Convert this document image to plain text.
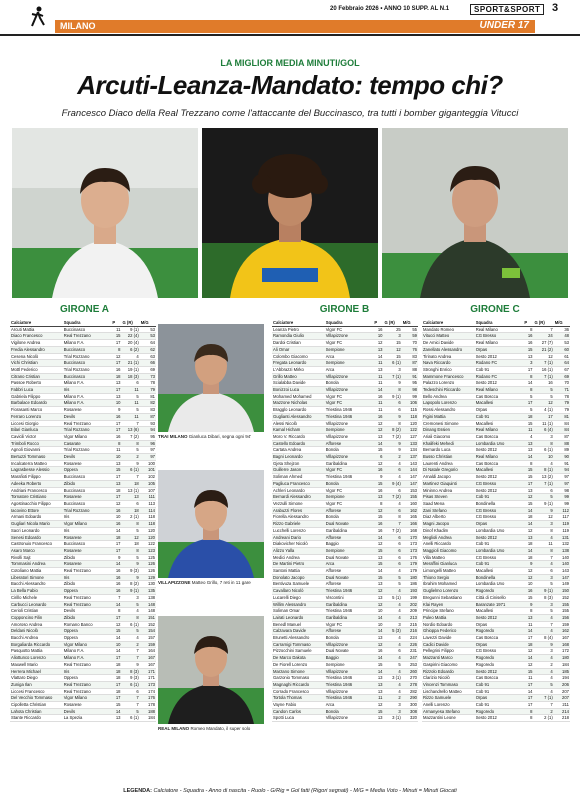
20 Febbraio 2026 • ANNO 10 SUPP. AL N.1	SPORT&SPORT	3
MILANO	UNDER 17
LA MIGLIOR MEDIA MINUTI/GOL
Arcuti-Leanza-Mandato: tempo chi?
Francesco Diaco della Real Trezzano come l'attaccante del Buccinasco, tra tutti i bomber giganteggia Vitucci
GIRONE A	GIRONE B	GIRONE C
Calciatore	Squadra	P	G (R)	M/G
Arcuti Mattia	Buccinasco	11	9 (1)	53
Diaco Francesco	Real Trezzano	15	22 (4)	53
Vigilone Andrea	Milano F.A.	17	20 (4)	64
Fredia Alessandro	Buccinasco	8	6 (2)	62
Cesena Nicolò	Trial Rozzano	12	4	63
Vichi Christian	Buccinasco	17	21 (1)	66
Mottl Federico	Trial Rozzano	16	19 (1)	69
Citrano Cristian	Buccinasco	18	18 (3)	73
Passoe Roberto	Milano F.A.	13	6	78
Fabbri Luca	Iris	17	11	79
Gabriela Filippo	Milano F.A.	13	5	81
Barbalace Edoardo	Milano F.A.	10	11	82
Fiorasanti Marco	Rosarese	9	5	83
Ferraro Lorenzo	Devils	16	11	87
Liccesi Giorgio	Real Trezzano	17	7	93
Bilari Gianluca	Trial Rozzano	17	13 (6)	94
Cavicili Victor	Vigor Milano	16	7 (2)	95
Trimboli Rocco	Casarate	8	8	96
Agnoli Giovanni	Trial Rozzano	11	5	97
Bertuzzi Tommaso	Devils	10	2	97
Incalcaterra Matteo	Rosarese	13	9	100
Lagrasbesse Alessio	Oppera	15	6 (1)	101
Marafioti Filippo	Buccinasco	17	7	102
Adeeka Roberto	Zibido	13	18	105
Andriani Francesco	Buccinasco	18	13 (1)	107
Tornatore Cristiano	Rosarese	17	13	111
Agostinacchio Filippo	Buccinasco	12	6	113
Iacovino Ettore	Trial Rozzano	16	18	114
Armani Edoardo	Iris	10	2 (1)	118
Gugliari Nicola Mario	Vigor Milano	16	8	118
Sacri Leonardo	Iris	14	5	120
Senesi Edoardo	Rosarese	18	12	120
Castronuio Francesco	Buccinasco	17	18	122
Asaro Marco	Rosarese	17	8	123
Rivolli Sajt	Zibido	9	5	125
Tommasini Andrea	Rosarese	14	9	126
Cotoliano Mattia	Real Trezzano	16	9 (3)	126
Liberatori Simone	Iris	16	9	129
Bacchi Alessandro	Zibido	16	8 (2)	130
La Bella Fabio	Oppera	16	9 (1)	135
Cirillo Michele	Real Trezzano	7	3	138
Carbucci Leonardo	Real Trezzano	14	5	148
Cerioli Cristian	Devils	8	4	148
Copponcino Filin	Zibido	17	8	151
Amoroso Andrea	Romano Banco	12	6 (1)	152
Deldani Nicolò	Oppera	15	5	154
Bacchi Andrea	Oppera	14	4	157
Borgaliarda Riccardo	Vigor Milano	10	2	159
Pasquotto Mattia	Milano F.A.	14	7	164
Aliottunco Lorenzo	Milano F.A.	17	7	167
Maxwell Mario	Real Trezzano	18	9	167
Herrera Michael	Iris	18	8 (3)	171
Vlattaro Diego	Oppera	18	9 (3)	171
Zuniga Ilan	Real Trezzano	17	6 (1)	173
Liccesi Francesco	Real Trezzano	18	6	174
Del Vecchio Tommaso	Vigor Milano	17	7	176
Cipolletta Christian	Rosarese	15	7	178
Lahota Christian	Devils	14	5	188
Stante Riccardo	La Spezia	13	6 (1)	184
Calciatore	Squadra	P	G (R)	M/G
Leanza Pietro	Vigor FC	16	25	55
Ramondia Giulio	Villapizzone	10	3	59
Dardoi Cristian	Vigor FC	12	15	70
Ali Omar	Sempione	13	12	76
Colombo Giacomo	Arca	14	15	83
Fregata Leonardo	Sempione	11	6 (1)	87
L'Abbrazzi Mirko	Arca	13	3	88
Grillo Matteo	Villapizzone	11	7 (1)	91
Scialabba Davide	Bonola	11	9	95
Bonizzoi Luca	Villapizzone	14	8	98
Mohamed Mohamed	Vigor FC	16	9 (1)	99
Mazzone Nicholas	Vigor FC	11	6	106
Bragglo Leonardo	Triestina 1946	11	6	115
Guglianti Alessandro	Triestina 1946	16	9	118
Alessi Nicolò	Villapizzone	12	8	120
Kamal Hicham	Sempione	12	8 (2)	122
Moro V. Riccardo	Villapizzone	13	7 (2)	127
Castello Edoardo	Afforese	14	9	133
Cartata Andrea	Bonola	15	9	134
Bagni Leonardo	Villapizzone	6	2	137
Gjeta Shejzon	Garibaldina	12	4	143
Guillerre Jason	Vigor FC	16	6	144
Soliman Ahmed	Triestina 1946	9	4	147
Pagliuca Francesco	Bonola	15	9 (4)	147
Achleri Leonardo	Vigor FC	16	6	153
Bernardi Alessandro	Sempione	13	7 (2)	155
Vezzulli Simone	Vigor FC	8	4	160
Arabuzzi Flores	Afforese	12	6	162
Fiorella Alessandro	Bonola	15	8	165
Rizzo Gabriele	Dual Novate	16	7	166
Lucchelli Lorenzo	Garibaldina	16	7 (2)	168
Andreani Dario	Afforese	14	6	170
Diakovicher Nicolò	Baggio	12	6	173
Alizzo Yalla	Sempione	15	6	173
Medici Andrea	Dual Novate	13	6	176
De Martini Pietro	Arca	15	6	179
Santoni Mattia	Afforese	14	4	179
Donolato Jacopo	Dual Novate	15	5	180
Bentivuza Samuele	Afforese	13	5	186
Cavallaro Nicolò	Triestina 1946	12	4	193
Lucarelli Diego	Viscontini	13	5 (1)	199
Willim Alessandro	Garibaldina	12	4	202
Soliman Omar	Triestina 1946	10	4	209
Lairati Leonardo	Garibaldina	14	4	213
Benedl Manuel	Vigor FC	10	3	215
Calzavara Davide	Afforese	14	5 (3)	216
Brunetti Alessandro	Bonola	13	4	224
Carrarnigi Tommaso	Villapizzone	12	4	226
Pizzocchini Samuele	Dual Novate	16	6	231
De Marco Dakota	Baggio	14	4	247
De Fiorell Lorenzo	Sempione	15	5	253
Marzano Simone	Villapizzone	14	4	260
Garzonio Tommaso	Triestina 1946	13	3 (1)	270
Magnaghi Riccardo	Triestina 1946	13	4	278
Corrado Francesco	Villapizzone	13	4	282
Tortola Thomas	Triestina 1946	11	2	290
Vayne Fabio	Arca	12	3	300
Candon Carlos	Bonola	15	3	308
Spotti Luca	Villapizzone	13	3 (1)	320
Calciatore	Squadra	P	G (R)	M/G
Mandato Romeo	Real Milano	8	7	36
Vitucci Matteo	CG Bresso	16	24	48
De Amici Davide	Real Milano	16	27 (7)	53
Zanellato Alessandro	Orpas	15	21 (2)	60
Tirinato Andrea	Sesto 2012	13	12	61
Nava Riccardo	Rodano FC	3	7 (1)	64
Stronghi Enrico	Cob 91	17	16 (1)	67
Mammone Francesco	Rodano FC	8	7 (1)	69
Palazzo Lorenzo	Sesto 2012	14	16	70
Tedeschini Riccardo	Real Milano	8	5	71
Bello Andrea	Cas Boscca	5	5	78
Lapopolo Lorenzo	Macallesi	17	12	79
Rossi Alessandro	Orpas	5	4 (1)	79
Figini Mattia	Cob 91	18	17	81
Cremonesi Simone	Macallesi	15	11 (1)	84
Dinang Essien	Real Milano	11	6 (4)	84
Ariali Giacomo	Cas Boscca	4	3	87
Khalifeki Mehedi	Lombardia Uno	13	8	88
Bernardo Luca	Sesto 2012	13	6 (1)	89
Busso Christian	Real Milano	14	10	90
Laurenti Andrea	Cas Boscca	8	4	91
Di Natale Gregorio	Macallesi	15	8 (1)	94
Arnaldi Jacopo	Sesto 2012	15	13 (2)	97
Martinez Giaquinti	CG Bresso	17	7 (1)	97
Mininno Andrea	Sesto 2012	13	6	98
Pisas Steven	Cob 91	12	5	99
Saad Mena	Bondinella	15	9 (1)	99
Zani Stefano	CG Bresso	14	9	112
Diaz Alberto	CG Bresso	18	12	117
Magni Jacopo	Orpas	14	3	119
Dinof Khadim	Lombardia Uno	12	8	119
Meglioli Andrea	Sesto 2012	13	4	131
Anelli Riccardo	Cob 91	18	11	132
Maggioli Giacomo	Lombardia Uno	14	8	138
Villa Matteo	CG Bresso	18	7	140
Meraffini Gianluca	Cob 91	9	4	140
Limongelli Matteo	Macallesi	12	6	143
Thiono Sergio	Bondinella	12	3	147
Ibrahim Mohamed	Lombardia Uno	10	5	149
Guglielmo Lorenzo	Rogoredo	16	9 (1)	150
Bregunni Sebastiano	Città di Cinisello	15	8 (3)	152
Klai Rayen	Baranzate 1971	9	3	155
Principe Stefano	Macallesi	8	5	155
Puleo Mattia	Sesto 2012	13	4	156
Nordio Edoardo	Orpas	11	7	159
Ghioppa Federico	Rogoredo	14	4	162
Lavezzi Davide	Cas Boscca	17	8 (4)	167
Cadici Davide	Orpas	18	9	168
Pellegrini Filippo	CG Bresso	12	3	172
Mazzanti Marco	Rogoredo	14	4	180
Gaspirini Giacomo	Rogoredo	12	2	184
Rizzolo Edoardo	Sesto 2012	15	4	185
Clarizio Nicolò	Cas Boscca	11	4	194
Vincenzi Tommaso	Cob 91	17	5	206
Lischandrello Matteo	Cob 91	14	4	207
Rizzo Samuele	Orpas	17	7 (1)	207
Anelli Lorenzo	Cob 91	17	7	211
Armanyesa Stefano	Rogoredo	8	2	214
Mazzantini Leone	Sesto 2012	8	2 (1)	218
TRAI MILANO Gianluca Dibari, segna ogni 94'
VILLAPIZZONE Matteo Grillo, 7 reti in 11 gare
REAL MILANO Romeo Mandato, il super solo
LEGENDA: Calciatore - Squadra - Anno di nascita - Ruolo - G/Rig = Gol fatti (Rigori segnati) - M/G = Media Voto - Minuti = Minuti Giocati
